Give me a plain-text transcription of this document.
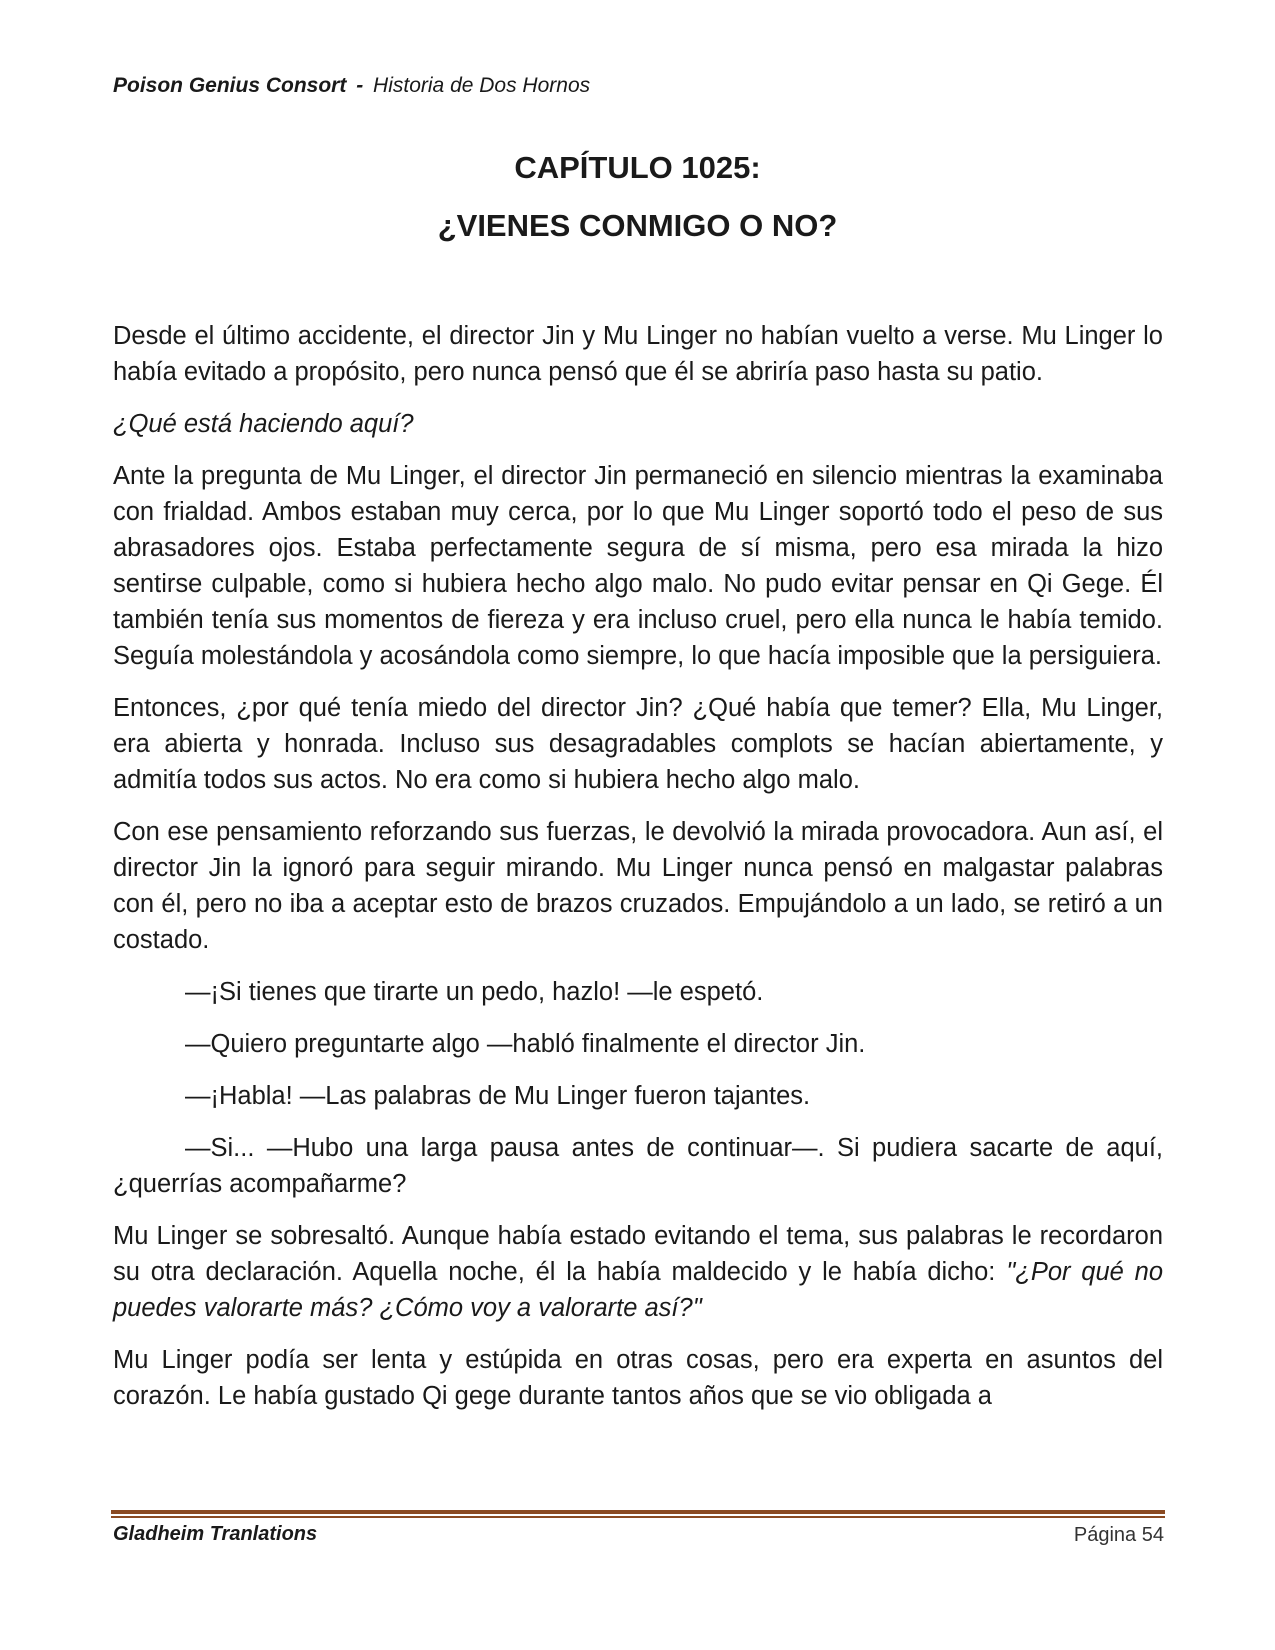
Poison Genius Consort - Historia de Dos Hornos
CAPÍTULO 1025:
¿VIENES CONMIGO O NO?

Desde el último accidente, el director Jin y Mu Linger no habían vuelto a verse. Mu Linger lo había evitado a propósito, pero nunca pensó que él se abriría paso hasta su patio.

¿Qué está haciendo aquí?

Ante la pregunta de Mu Linger, el director Jin permaneció en silencio mientras la examinaba con frialdad. Ambos estaban muy cerca, por lo que Mu Linger soportó todo el peso de sus abrasadores ojos. Estaba perfectamente segura de sí misma, pero esa mirada la hizo sentirse culpable, como si hubiera hecho algo malo. No pudo evitar pensar en Qi Gege. Él también tenía sus momentos de fiereza y era incluso cruel, pero ella nunca le había temido. Seguía molestándola y acosándola como siempre, lo que hacía imposible que la persiguiera.

Entonces, ¿por qué tenía miedo del director Jin? ¿Qué había que temer? Ella, Mu Linger, era abierta y honrada. Incluso sus desagradables complots se hacían abiertamente, y admitía todos sus actos. No era como si hubiera hecho algo malo.

Con ese pensamiento reforzando sus fuerzas, le devolvió la mirada provocadora. Aun así, el director Jin la ignoró para seguir mirando. Mu Linger nunca pensó en malgastar palabras con él, pero no iba a aceptar esto de brazos cruzados. Empujándolo a un lado, se retiró a un costado.

—¡Si tienes que tirarte un pedo, hazlo! —le espetó.

—Quiero preguntarte algo —habló finalmente el director Jin.

—¡Habla! —Las palabras de Mu Linger fueron tajantes.

—Si... —Hubo una larga pausa antes de continuar—. Si pudiera sacarte de aquí, ¿querrías acompañarme?

Mu Linger se sobresaltó. Aunque había estado evitando el tema, sus palabras le recordaron su otra declaración. Aquella noche, él la había maldecido y le había dicho: "¿Por qué no puedes valorarte más? ¿Cómo voy a valorarte así?"

Mu Linger podía ser lenta y estúpida en otras cosas, pero era experta en asuntos del corazón. Le había gustado Qi gege durante tantos años que se vio obligada a

Gladheim Tranlations	Página 54
